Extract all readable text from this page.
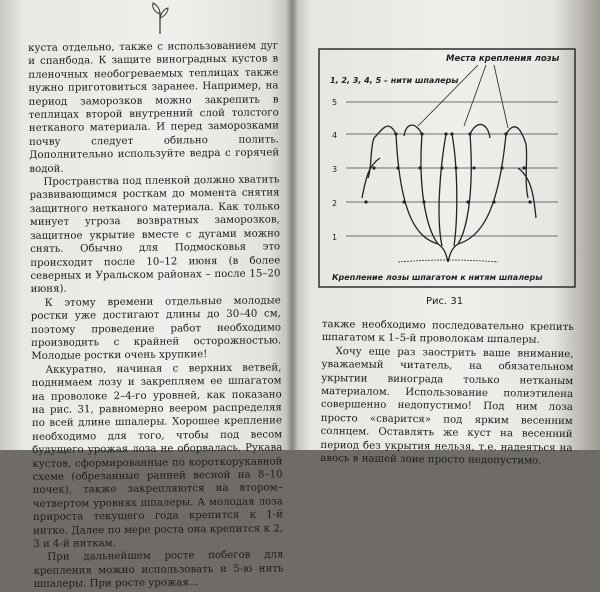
куста отдельно, также с использованием дуг и спанбода. К защите виноградных кустов в пленочных необогреваемых теплицах также нужно приготовиться заранее. Например, на период заморозков можно закрепить в теплицах второй внутренний слой толстого нетканого материала. И перед заморозками почву следует обильно полить. Дополнительно используйте ведра с горячей водой.

Пространства под пленкой должно хватить развивающимся росткам до момента снятия защитного нетканого материала. Как только минует угроза возвратных заморозков, защитное укрытие вместе с дугами можно снять. Обычно для Подмосковья это происходит после 10–12 июня (в более северных и Уральском районах – после 15–20 июня).

К этому времени отдельные молодые ростки уже достигают длины до 30–40 см, поэтому проведение работ необходимо производить с крайней осторожностью. Молодые ростки очень хрупкие!

Аккуратно, начиная с верхних ветвей, поднимаем лозу и закрепляем ее шпагатом на проволоке 2–4-го уровней, как показано на рис. 31, равномерно веером распределяя по всей длине шпалеры. Хорошее крепление необходимо для того, чтобы под весом будущего урожая лоза не оборвалась. Рукава кустов, сформированные по короткорукавной схеме (обрезанные ранней весной на 8–10 почек), также закрепляются на втором–четвертом уровнях шпалеры. А молодая лоза прироста текущего года крепится к 1-й нитке. Далее по мере роста она крепится к 2, 3 и 4-й ниткам.

При дальнейшем росте побегов для крепления можно использовать и 5-ю нить шпалеры. При росте урожая...

Места крепления лозы
1, 2, 3, 4, 5 – нити шпалеры
5
4
3
2
1
Крепление лозы шпагатом к нитям шпалеры
Рис. 31

также необходимо последовательно крепить шпагатом к 1–5-й проволокам шпалеры.

Хочу еще раз заострить ваше внимание, уважаемый читатель, на обязательном укрытии винограда только нетканым материалом. Использование полиэтилена совершенно недопустимо! Под ним лоза просто «сварится» под ярким весенним солнцем. Оставлять же куст на весенний период без укрытия нельзя, т.е. надеяться на авось в нашей зоне просто недопустимо.
